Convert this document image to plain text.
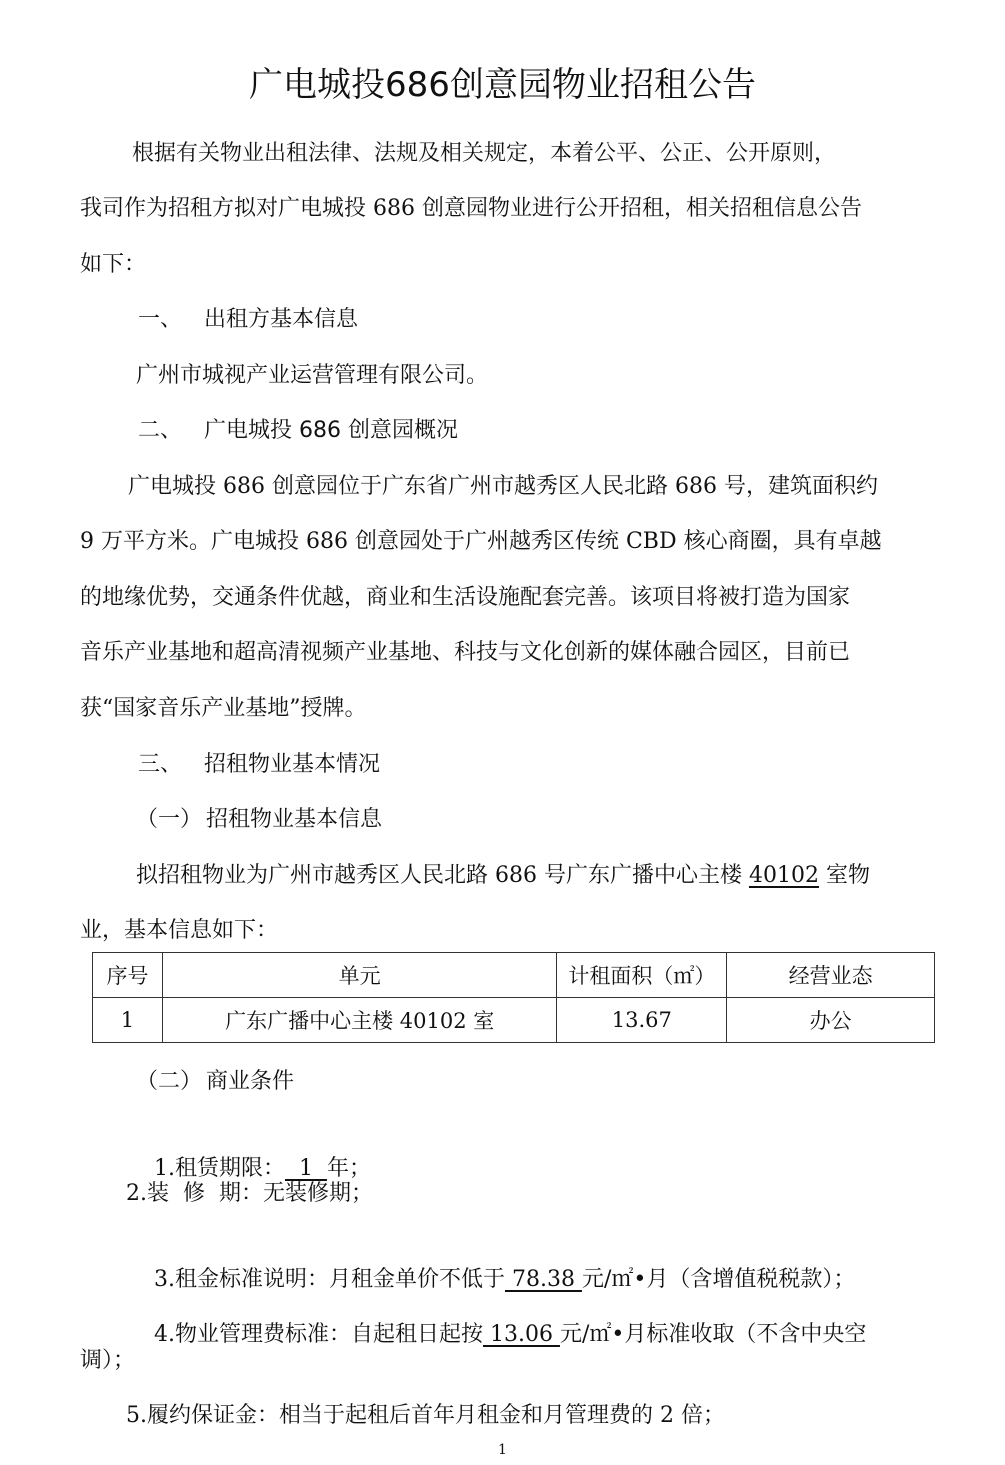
广电城投686创意园物业招租公告
根据有关物业出租法律、法规及相关规定，本着公平、公正、公开原则，
我司作为招租方拟对广电城投 686 创意园物业进行公开招租，相关招租信息公告
如下：
一、 出租方基本信息
广州市城视产业运营管理有限公司。
二、 广电城投 686 创意园概况
广电城投 686 创意园位于广东省广州市越秀区人民北路 686 号，建筑面积约
9 万平方米。广电城投 686 创意园处于广州越秀区传统 CBD 核心商圈，具有卓越
的地缘优势，交通条件优越，商业和生活设施配套完善。该项目将被打造为国家
音乐产业基地和超高清视频产业基地、科技与文化创新的媒体融合园区，目前已
获“国家音乐产业基地”授牌。
三、 招租物业基本情况
（一） 招租物业基本信息
拟招租物业为广州市越秀区人民北路 686 号广东广播中心主楼 40102 室物
业，基本信息如下：
序号	单元	计租面积（㎡）	经营业态
1	广东广播中心主楼 40102 室	13.67	办公
（二） 商业条件

1.租赁期限：  1  年；

2.装  修  期：无装修期；

3.租金标准说明：月租金单价不低于 78.38 元/㎡•月（含增值税税款）；

4.物业管理费标准：自起租日起按 13.06 元/㎡•月标准收取（不含中央空

调）；
5.履约保证金：相当于起租后首年月租金和月管理费的 2 倍；
1
